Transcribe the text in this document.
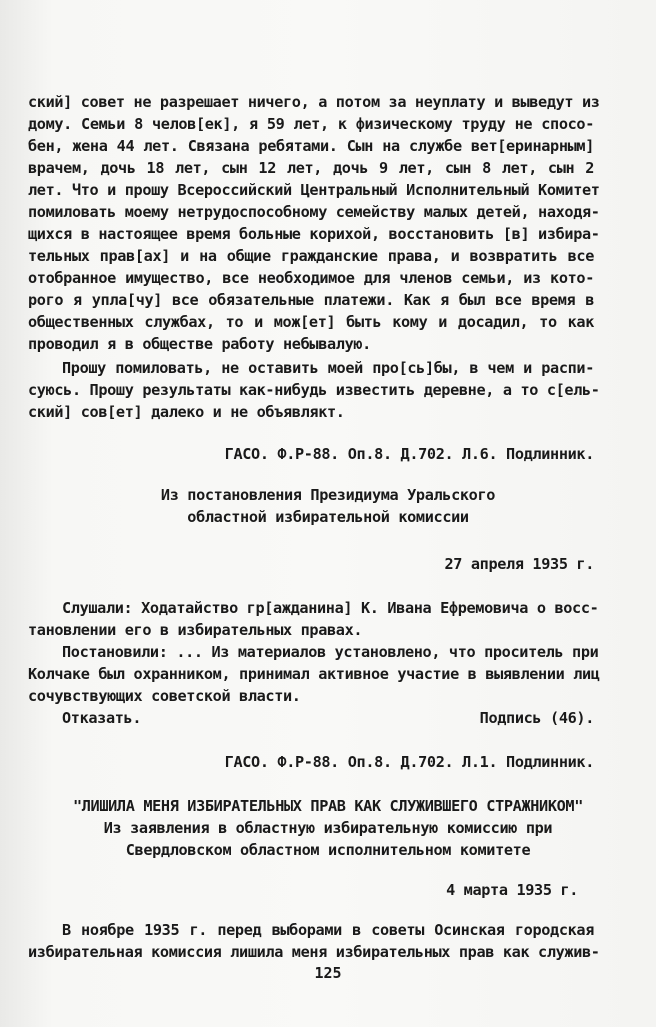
ский] совет не разрешает ничего, а потом за неуплату и выведут из
дому. Семьи 8 челов[ек], я 59 лет, к физическому труду не спосо-
бен, жена 44 лет. Связана ребятами. Сын на службе вет[еринарным]
врачем, дочь 18 лет, сын 12 лет, дочь 9 лет, сын 8 лет, сын 2
лет. Что и прошу Всероссийский Центральный Исполнительный Комитет
помиловать моему нетрудоспособному семейству малых детей, находя-
щихся в настоящее время больные корихой, восстановить [в] избира-
тельных прав[ах] и на общие гражданские права, и возвратить все
отобранное имущество, все необходимое для членов семьи, из кото-
рого я упла[чу] все обязательные платежи. Как я был все время в
общественных службах, то и мож[ет] быть кому и досадил, то как
проводил я в обществе работу небывалую.
Прошу помиловать, не оставить моей про[сь]бы, в чем и распи-
суюсь. Прошу результаты как-нибудь известить деревне, а то с[ель-
ский] сов[ет] далеко и не объявлякт.
ГАСО. Ф.Р-88. Оп.8. Д.702. Л.6. Подлинник.
Из постановления Президиума Уральского
областной избирательной комиссии
27 апреля 1935 г.
Слушали: Ходатайство гр[ажданина] К. Ивана Ефремовича о восс-
тановлении его в избирательных правах.
Постановили: ... Из материалов установлено, что проситель при
Колчаке был охранником, принимал активное участие в выявлении лиц
сочувствующих советской власти.
Отказать.	Подпись (46).
ГАСО. Ф.Р-88. Оп.8. Д.702. Л.1. Подлинник.
"ЛИШИЛА МЕНЯ ИЗБИРАТЕЛЬНЫХ ПРАВ КАК СЛУЖИВШЕГО СТРАЖНИКОМ"
Из заявления в областную избирательную комиссию при
Свердловском областном исполнительном комитете
4 марта 1935 г.
В ноябре 1935 г. перед выборами в советы Осинская городская
избирательная комиссия лишила меня избирательных прав как служив-
125
